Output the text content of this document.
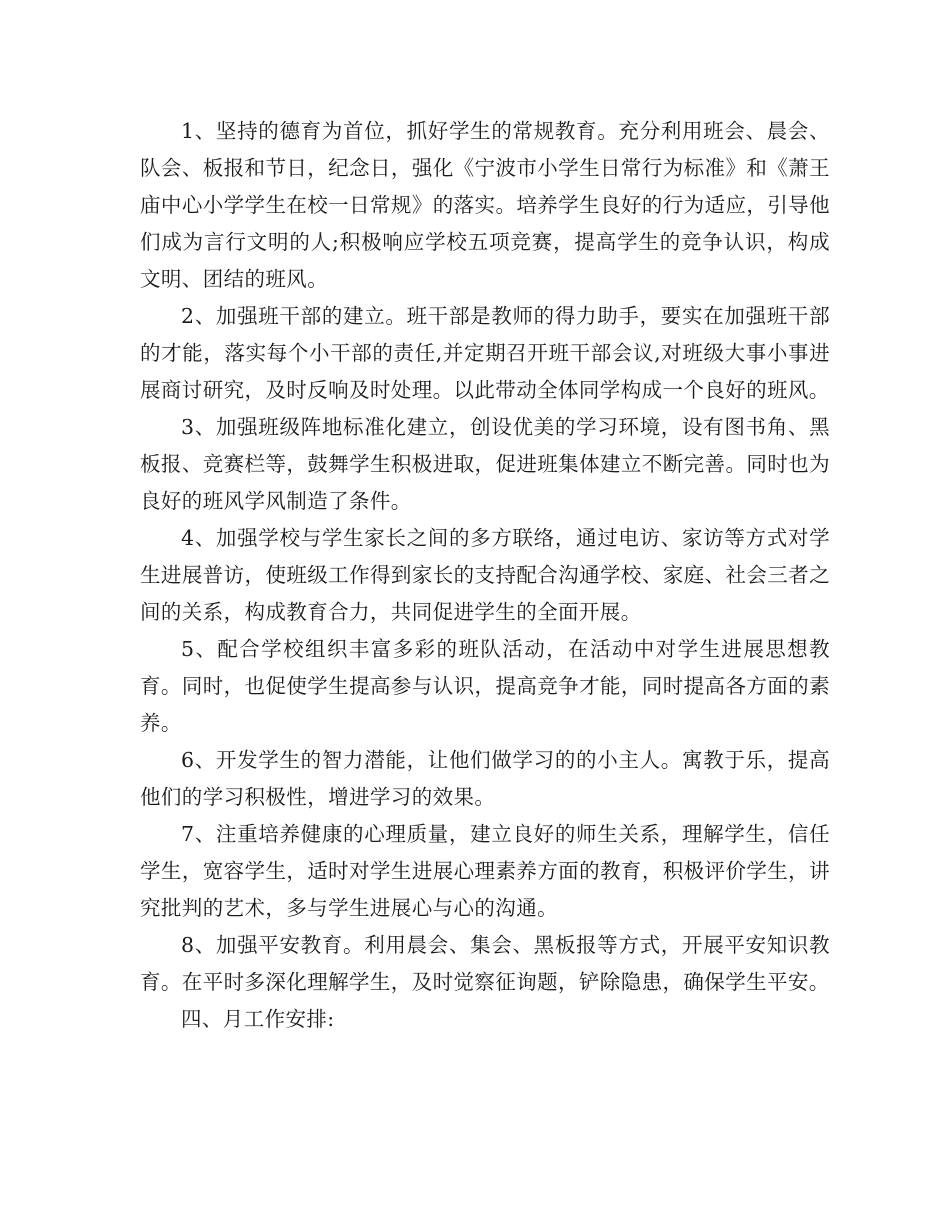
1、坚持的德育为首位，抓好学生的常规教育。充分利用班会、晨会、队会、板报和节日，纪念日，强化《宁波市小学生日常行为标准》和《萧王庙中心小学学生在校一日常规》的落实。培养学生良好的行为适应，引导他们成为言行文明的人;积极响应学校五项竞赛，提高学生的竞争认识，构成文明、团结的班风。

2、加强班干部的建立。班干部是教师的得力助手，要实在加强班干部的才能，落实每个小干部的责任,并定期召开班干部会议,对班级大事小事进展商讨研究，及时反响及时处理。以此带动全体同学构成一个良好的班风。

3、加强班级阵地标准化建立，创设优美的学习环境，设有图书角、黑板报、竞赛栏等，鼓舞学生积极进取，促进班集体建立不断完善。同时也为良好的班风学风制造了条件。

4、加强学校与学生家长之间的多方联络，通过电访、家访等方式对学生进展普访，使班级工作得到家长的支持配合沟通学校、家庭、社会三者之间的关系，构成教育合力，共同促进学生的全面开展。

5、配合学校组织丰富多彩的班队活动，在活动中对学生进展思想教育。同时，也促使学生提高参与认识，提高竞争才能，同时提高各方面的素养。

6、开发学生的智力潜能，让他们做学习的的小主人。寓教于乐，提高他们的学习积极性，增进学习的效果。

7、注重培养健康的心理质量，建立良好的师生关系，理解学生，信任学生，宽容学生，适时对学生进展心理素养方面的教育，积极评价学生，讲究批判的艺术，多与学生进展心与心的沟通。

8、加强平安教育。利用晨会、集会、黑板报等方式，开展平安知识教育。在平时多深化理解学生，及时觉察征询题，铲除隐患，确保学生平安。

四、月工作安排:
